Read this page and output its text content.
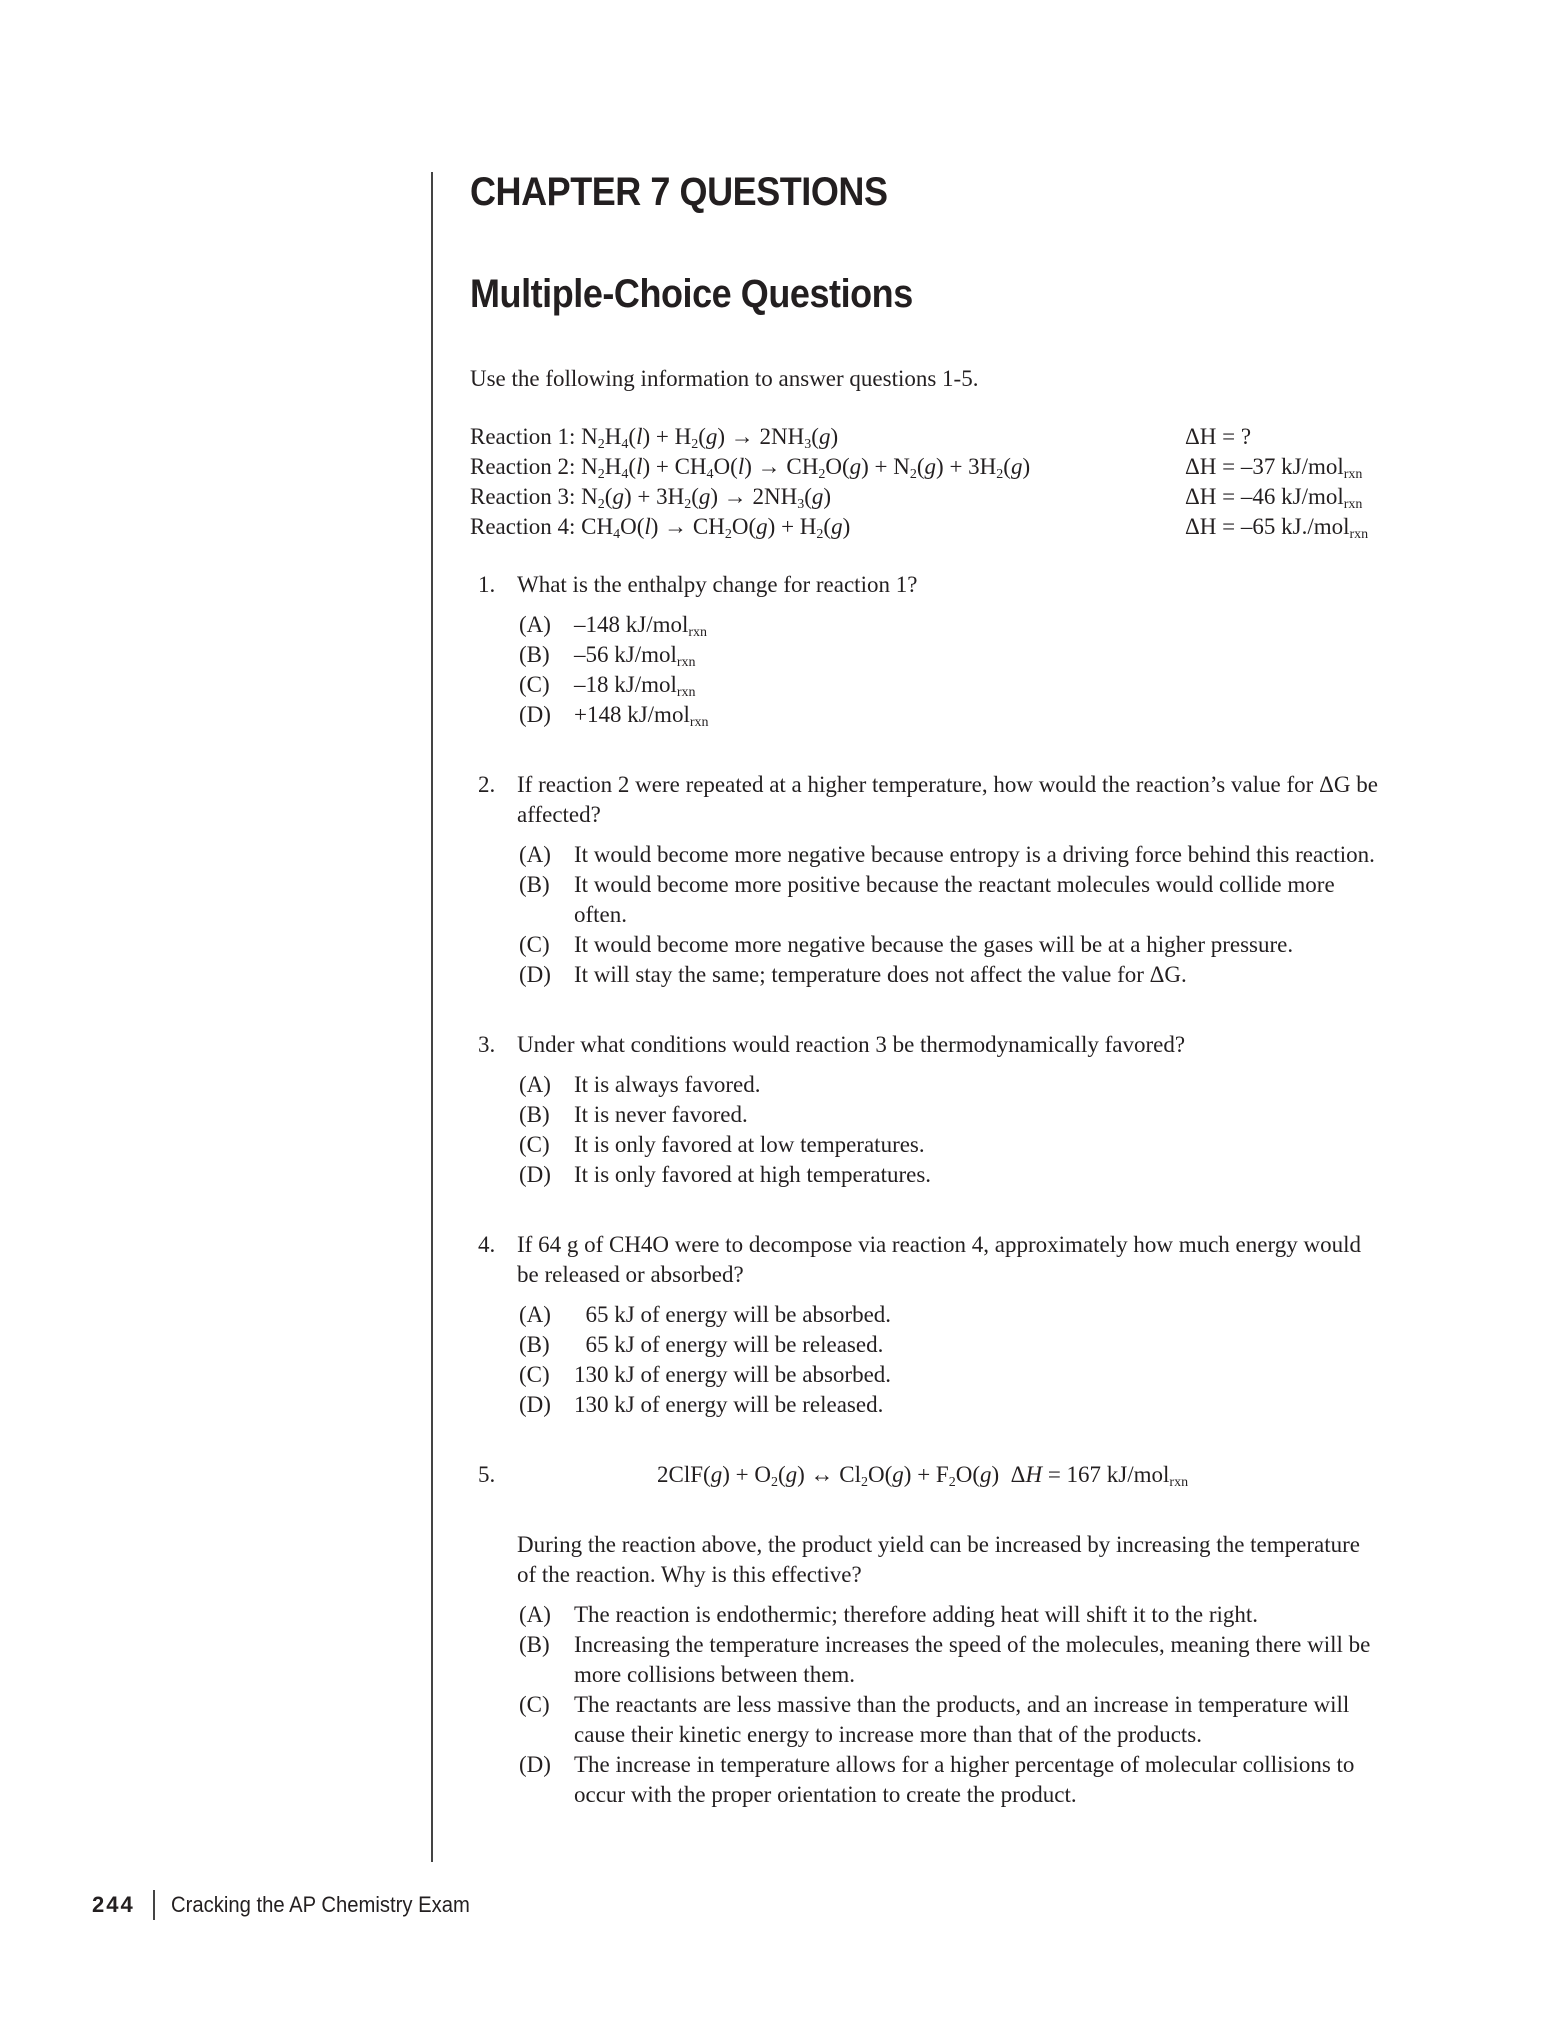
CHAPTER 7 QUESTIONS
Multiple-Choice Questions
Use the following information to answer questions 1-5.
Reaction 1: $N_2H_4(l) + H_2(g) \to 2NH_3(g)$	ΔH = ?
Reaction 2: $N_2H_4(l) + CH_4O(l) \to CH_2O(g) + N_2(g) + 3H_2(g)$	ΔH = –37 kJ/mol$_{rxn}$
Reaction 3: $N_2(g) + 3H_2(g) \to 2NH_3(g)$	ΔH = –46 kJ/mol$_{rxn}$
Reaction 4: $CH_4O(l) \to CH_2O(g) + H_2(g)$	ΔH = –65 kJ./mol$_{rxn}$
1. What is the enthalpy change for reaction 1?
(A) –148 kJ/mol$_{rxn}$
(B) –56 kJ/mol$_{rxn}$
(C) –18 kJ/mol$_{rxn}$
(D) +148 kJ/mol$_{rxn}$
2. If reaction 2 were repeated at a higher temperature, how would the reaction’s value for ΔG be affected?
(A) It would become more negative because entropy is a driving force behind this reaction.
(B) It would become more positive because the reactant molecules would collide more often.
(C) It would become more negative because the gases will be at a higher pressure.
(D) It will stay the same; temperature does not affect the value for ΔG.
3. Under what conditions would reaction 3 be thermodynamically favored?
(A) It is always favored.
(B) It is never favored.
(C) It is only favored at low temperatures.
(D) It is only favored at high temperatures.
4. If 64 g of CH4O were to decompose via reaction 4, approximately how much energy would be released or absorbed?
(A) 65 kJ of energy will be absorbed.
(B) 65 kJ of energy will be released.
(C) 130 kJ of energy will be absorbed.
(D) 130 kJ of energy will be released.
5.	$2ClF(g) + O_2(g)$ ↔ $Cl_2O(g) + F_2O(g) \Delta H = 167$ kJ/mol$_{rxn}$
During the reaction above, the product yield can be increased by increasing the temperature of the reaction. Why is this effective?
(A) The reaction is endothermic; therefore adding heat will shift it to the right.
(B) Increasing the temperature increases the speed of the molecules, meaning there will be more collisions between them.
(C) The reactants are less massive than the products, and an increase in temperature will cause their kinetic energy to increase more than that of the products.
(D) The increase in temperature allows for a higher percentage of molecular collisions to occur with the proper orientation to create the product.
244 Cracking the AP Chemistry Exam
